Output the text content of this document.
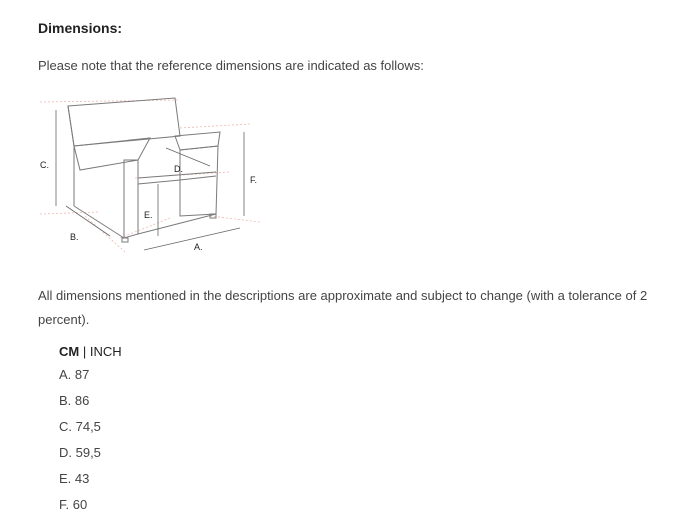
Dimensions:

Please note that the reference dimensions are indicated as follows:

C.
B.
A.
D.
E.
F.

All dimensions mentioned in the descriptions are approximate and subject to change (with a tolerance of 2 percent).

CM | INCH
A. 87
B. 86
C. 74,5
D. 59,5
E. 43
F. 60
